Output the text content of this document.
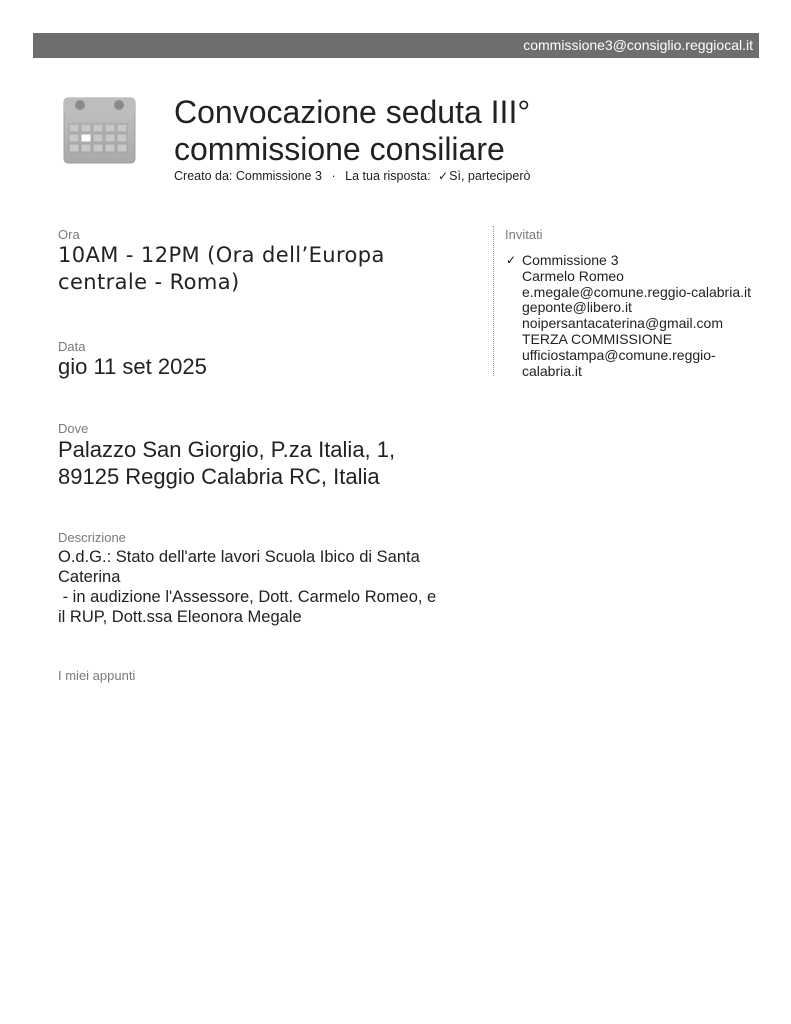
commissione3@consiglio.reggiocal.it
Convocazione seduta III°
commissione consiliare
Creato da: Commissione 3 · La tua risposta: ✓Sì, parteciperò
Ora
10AM - 12PM (Ora dell’Europa
centrale - Roma)
Data
gio 11 set 2025
Dove
Palazzo San Giorgio, P.za Italia, 1,
89125 Reggio Calabria RC, Italia
Descrizione

O.d.G.: Stato dell'arte lavori Scuola Ibico di Santa

Caterina

- in audizione l'Assessore, Dott. Carmelo Romeo, e

il RUP, Dott.ssa Eleonora Megale

I miei appunti
Invitati
✓ Commissione 3
Carmelo Romeo
e.megale@comune.reggio-calabria.it
geponte@libero.it
noipersantacaterina@gmail.com
TERZA COMMISSIONE
ufficiostampa@comune.reggio-
calabria.it
